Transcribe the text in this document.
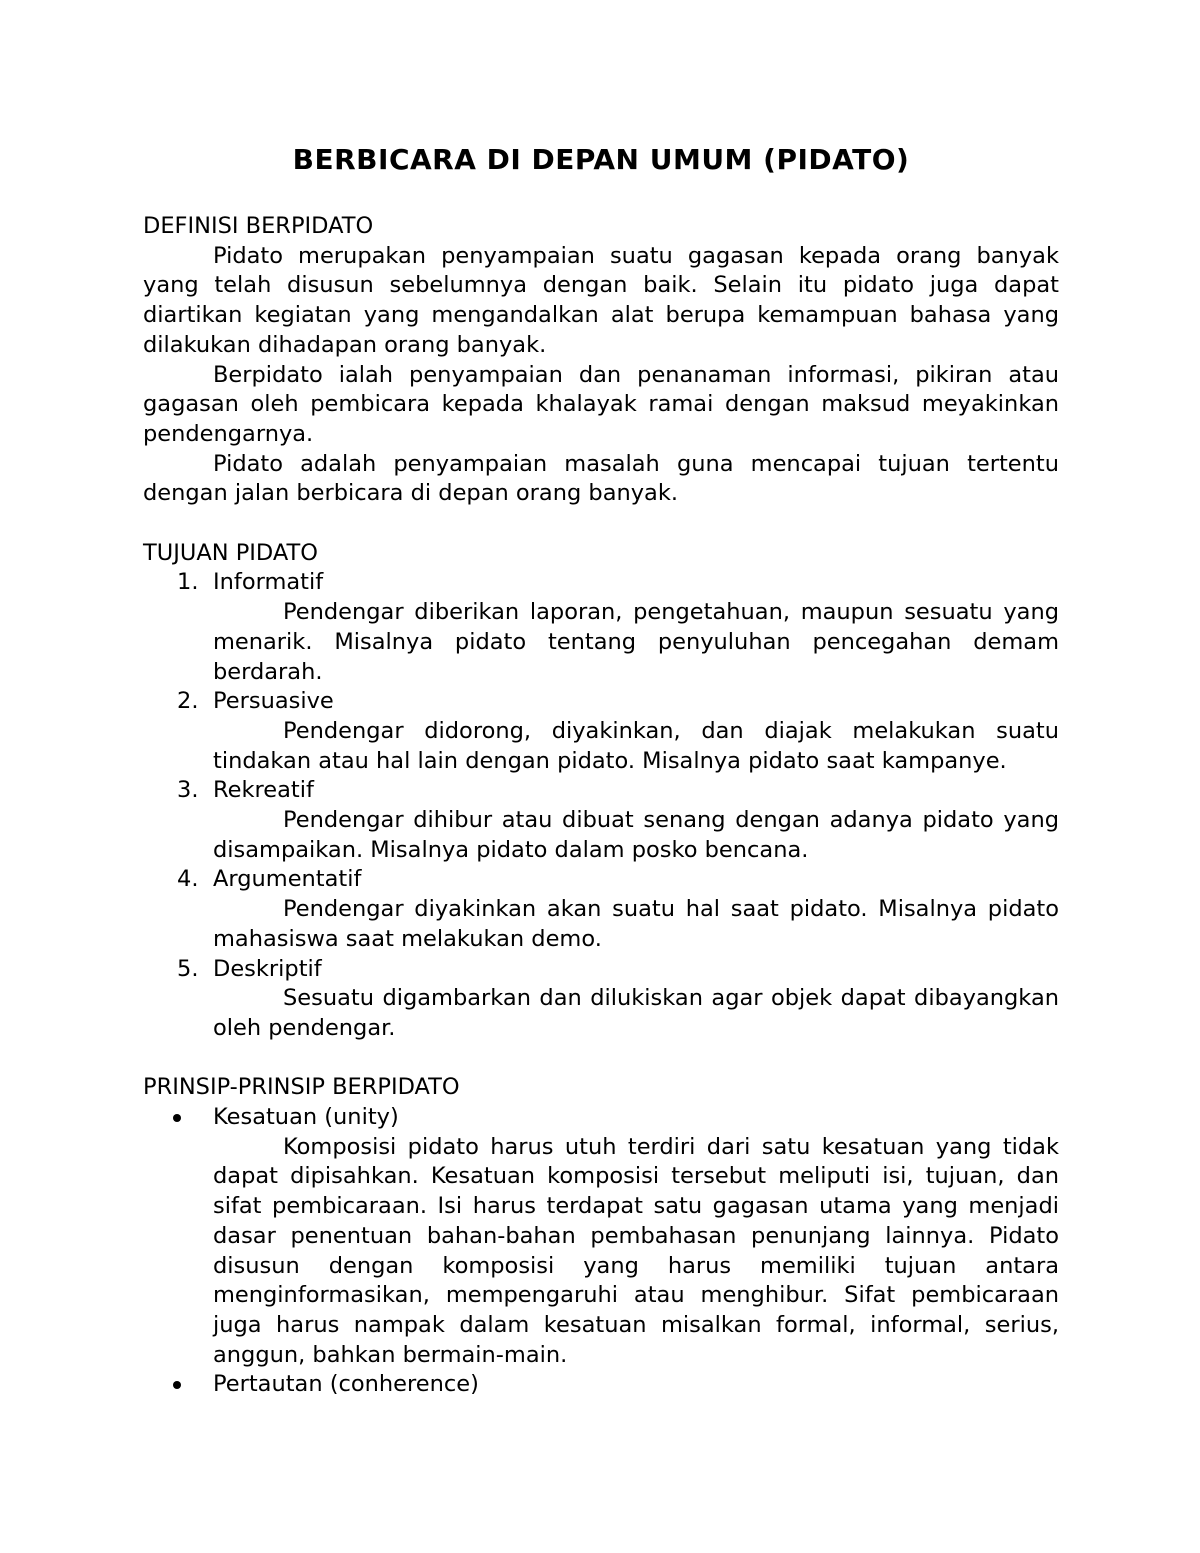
BERBICARA DI DEPAN UMUM (PIDATO)

DEFINISI BERPIDATO

Pidato merupakan penyampaian suatu gagasan kepada orang banyak yang telah disusun sebelumnya dengan baik. Selain itu pidato juga dapat diartikan kegiatan yang mengandalkan alat berupa kemampuan bahasa yang dilakukan dihadapan orang banyak.

Berpidato ialah penyampaian dan penanaman informasi, pikiran atau gagasan oleh pembicara kepada khalayak ramai dengan maksud meyakinkan pendengarnya.

Pidato adalah penyampaian masalah guna mencapai tujuan tertentu dengan jalan berbicara di depan orang banyak.

TUJUAN PIDATO

1. Informatif

Pendengar diberikan laporan, pengetahuan, maupun sesuatu yang menarik. Misalnya pidato tentang penyuluhan pencegahan demam berdarah.

2. Persuasive

Pendengar didorong, diyakinkan, dan diajak melakukan suatu tindakan atau hal lain dengan pidato. Misalnya pidato saat kampanye.

3. Rekreatif

Pendengar dihibur atau dibuat senang dengan adanya pidato yang disampaikan. Misalnya pidato dalam posko bencana.

4. Argumentatif

Pendengar diyakinkan akan suatu hal saat pidato. Misalnya pidato mahasiswa saat melakukan demo.

5. Deskriptif

Sesuatu digambarkan dan dilukiskan agar objek dapat dibayangkan oleh pendengar.

PRINSIP-PRINSIP BERPIDATO

Kesatuan (unity)

Komposisi pidato harus utuh terdiri dari satu kesatuan yang tidak dapat dipisahkan. Kesatuan komposisi tersebut meliputi isi, tujuan, dan sifat pembicaraan. Isi harus terdapat satu gagasan utama yang menjadi dasar penentuan bahan-bahan pembahasan penunjang lainnya. Pidato disusun dengan komposisi yang harus memiliki tujuan antara menginformasikan, mempengaruhi atau menghibur. Sifat pembicaraan juga harus nampak dalam kesatuan misalkan formal, informal, serius, anggun, bahkan bermain-main.

Pertautan (conherence)
